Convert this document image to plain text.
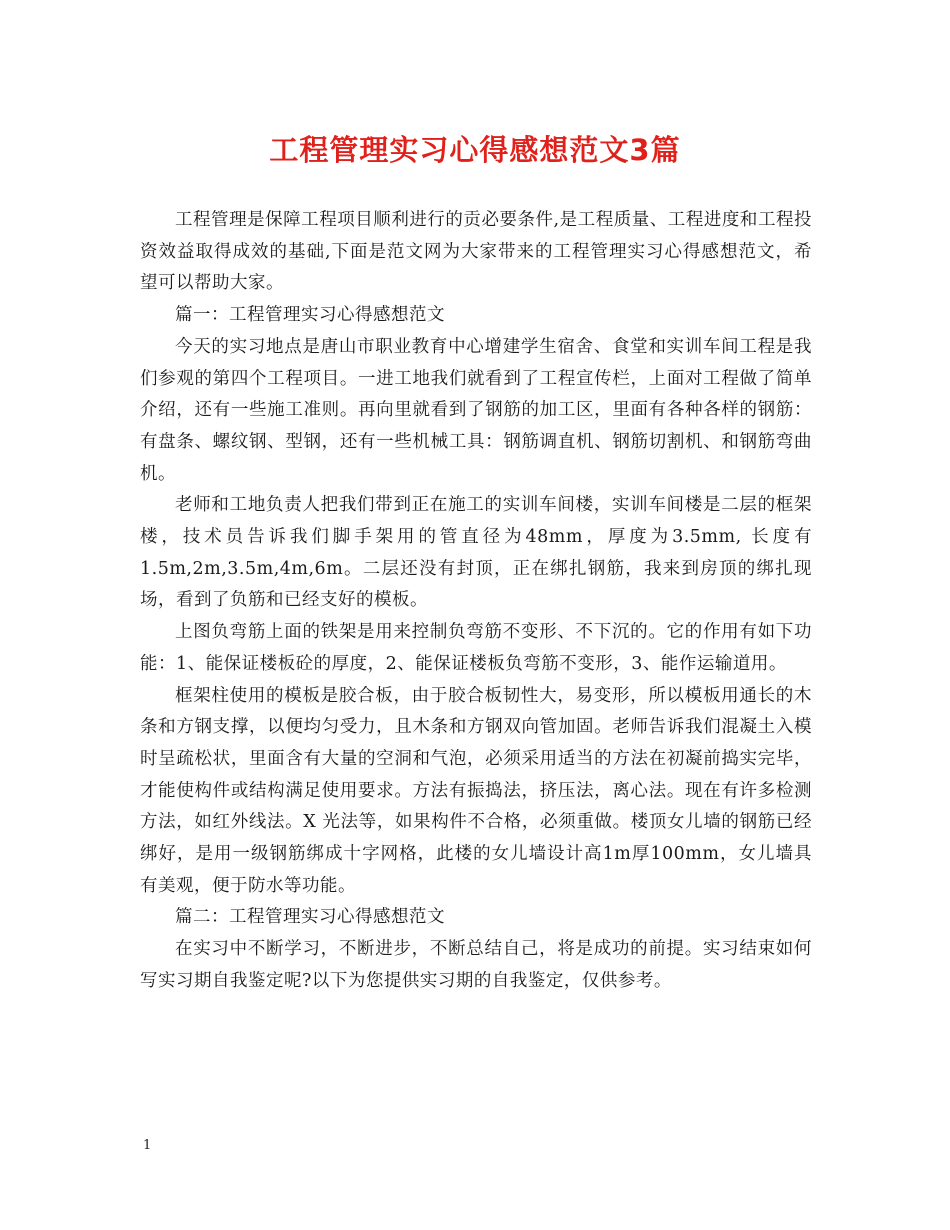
工程管理实习心得感想范文3篇

工程管理是保障工程项目顺利进行的贡必要条件,是工程质量、工程进度和工程投资效益取得成效的基础,下面是范文网为大家带来的工程管理实习心得感想范文，希望可以帮助大家。

篇一：工程管理实习心得感想范文

今天的实习地点是唐山市职业教育中心增建学生宿舍、食堂和实训车间工程是我们参观的第四个工程项目。一进工地我们就看到了工程宣传栏，上面对工程做了简单介绍，还有一些施工准则。再向里就看到了钢筋的加工区，里面有各种各样的钢筋：有盘条、螺纹钢、型钢，还有一些机械工具：钢筋调直机、钢筋切割机、和钢筋弯曲机。

老师和工地负责人把我们带到正在施工的实训车间楼，实训车间楼是二层的框架楼，技术员告诉我们脚手架用的管直径为48mm，厚度为3.5mm, 长度有1.5m,2m,3.5m,4m,6m。二层还没有封顶，正在绑扎钢筋，我来到房顶的绑扎现场，看到了负筋和已经支好的模板。

上图负弯筋上面的铁架是用来控制负弯筋不变形、不下沉的。它的作用有如下功能：1、能保证楼板砼的厚度，2、能保证楼板负弯筋不变形，3、能作运输道用。

框架柱使用的模板是胶合板，由于胶合板韧性大，易变形，所以模板用通长的木条和方钢支撑，以便均匀受力，且木条和方钢双向管加固。老师告诉我们混凝土入模时呈疏松状，里面含有大量的空洞和气泡，必须采用适当的方法在初凝前捣实完毕，才能使构件或结构满足使用要求。方法有振捣法，挤压法，离心法。现在有许多检测方法，如红外线法。X 光法等，如果构件不合格，必须重做。楼顶女儿墙的钢筋已经绑好，是用一级钢筋绑成十字网格，此楼的女儿墙设计高1m厚100mm，女儿墙具有美观，便于防水等功能。

篇二：工程管理实习心得感想范文

在实习中不断学习，不断进步，不断总结自己，将是成功的前提。实习结束如何写实习期自我鉴定呢?以下为您提供实习期的自我鉴定，仅供参考。

1
